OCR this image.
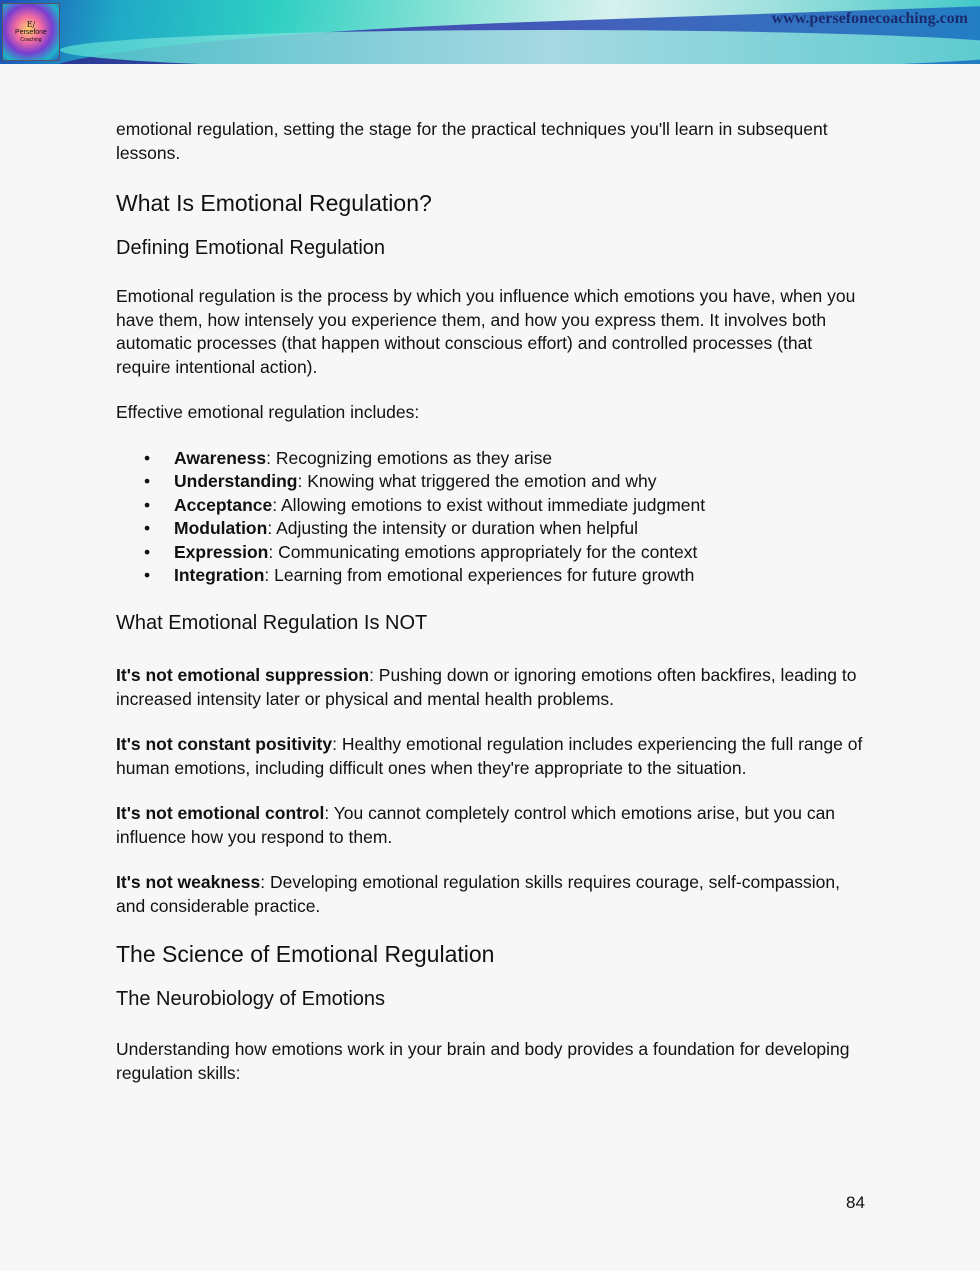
E/
Persefone
Coaching
www.persefonecoaching.com

emotional regulation, setting the stage for the practical techniques you'll learn in subsequent lessons.

What Is Emotional Regulation?
Defining Emotional Regulation

Emotional regulation is the process by which you influence which emotions you have, when you have them, how intensely you experience them, and how you express them. It involves both automatic processes (that happen without conscious effort) and controlled processes (that require intentional action).

Effective emotional regulation includes:

• Awareness: Recognizing emotions as they arise
• Understanding: Knowing what triggered the emotion and why
• Acceptance: Allowing emotions to exist without immediate judgment
• Modulation: Adjusting the intensity or duration when helpful
• Expression: Communicating emotions appropriately for the context
• Integration: Learning from emotional experiences for future growth
What Emotional Regulation Is NOT

It's not emotional suppression: Pushing down or ignoring emotions often backfires, leading to increased intensity later or physical and mental health problems.

It's not constant positivity: Healthy emotional regulation includes experiencing the full range of human emotions, including difficult ones when they're appropriate to the situation.

It's not emotional control: You cannot completely control which emotions arise, but you can influence how you respond to them.

It's not weakness: Developing emotional regulation skills requires courage, self-compassion, and considerable practice.

The Science of Emotional Regulation
The Neurobiology of Emotions

Understanding how emotions work in your brain and body provides a foundation for developing regulation skills:

84
